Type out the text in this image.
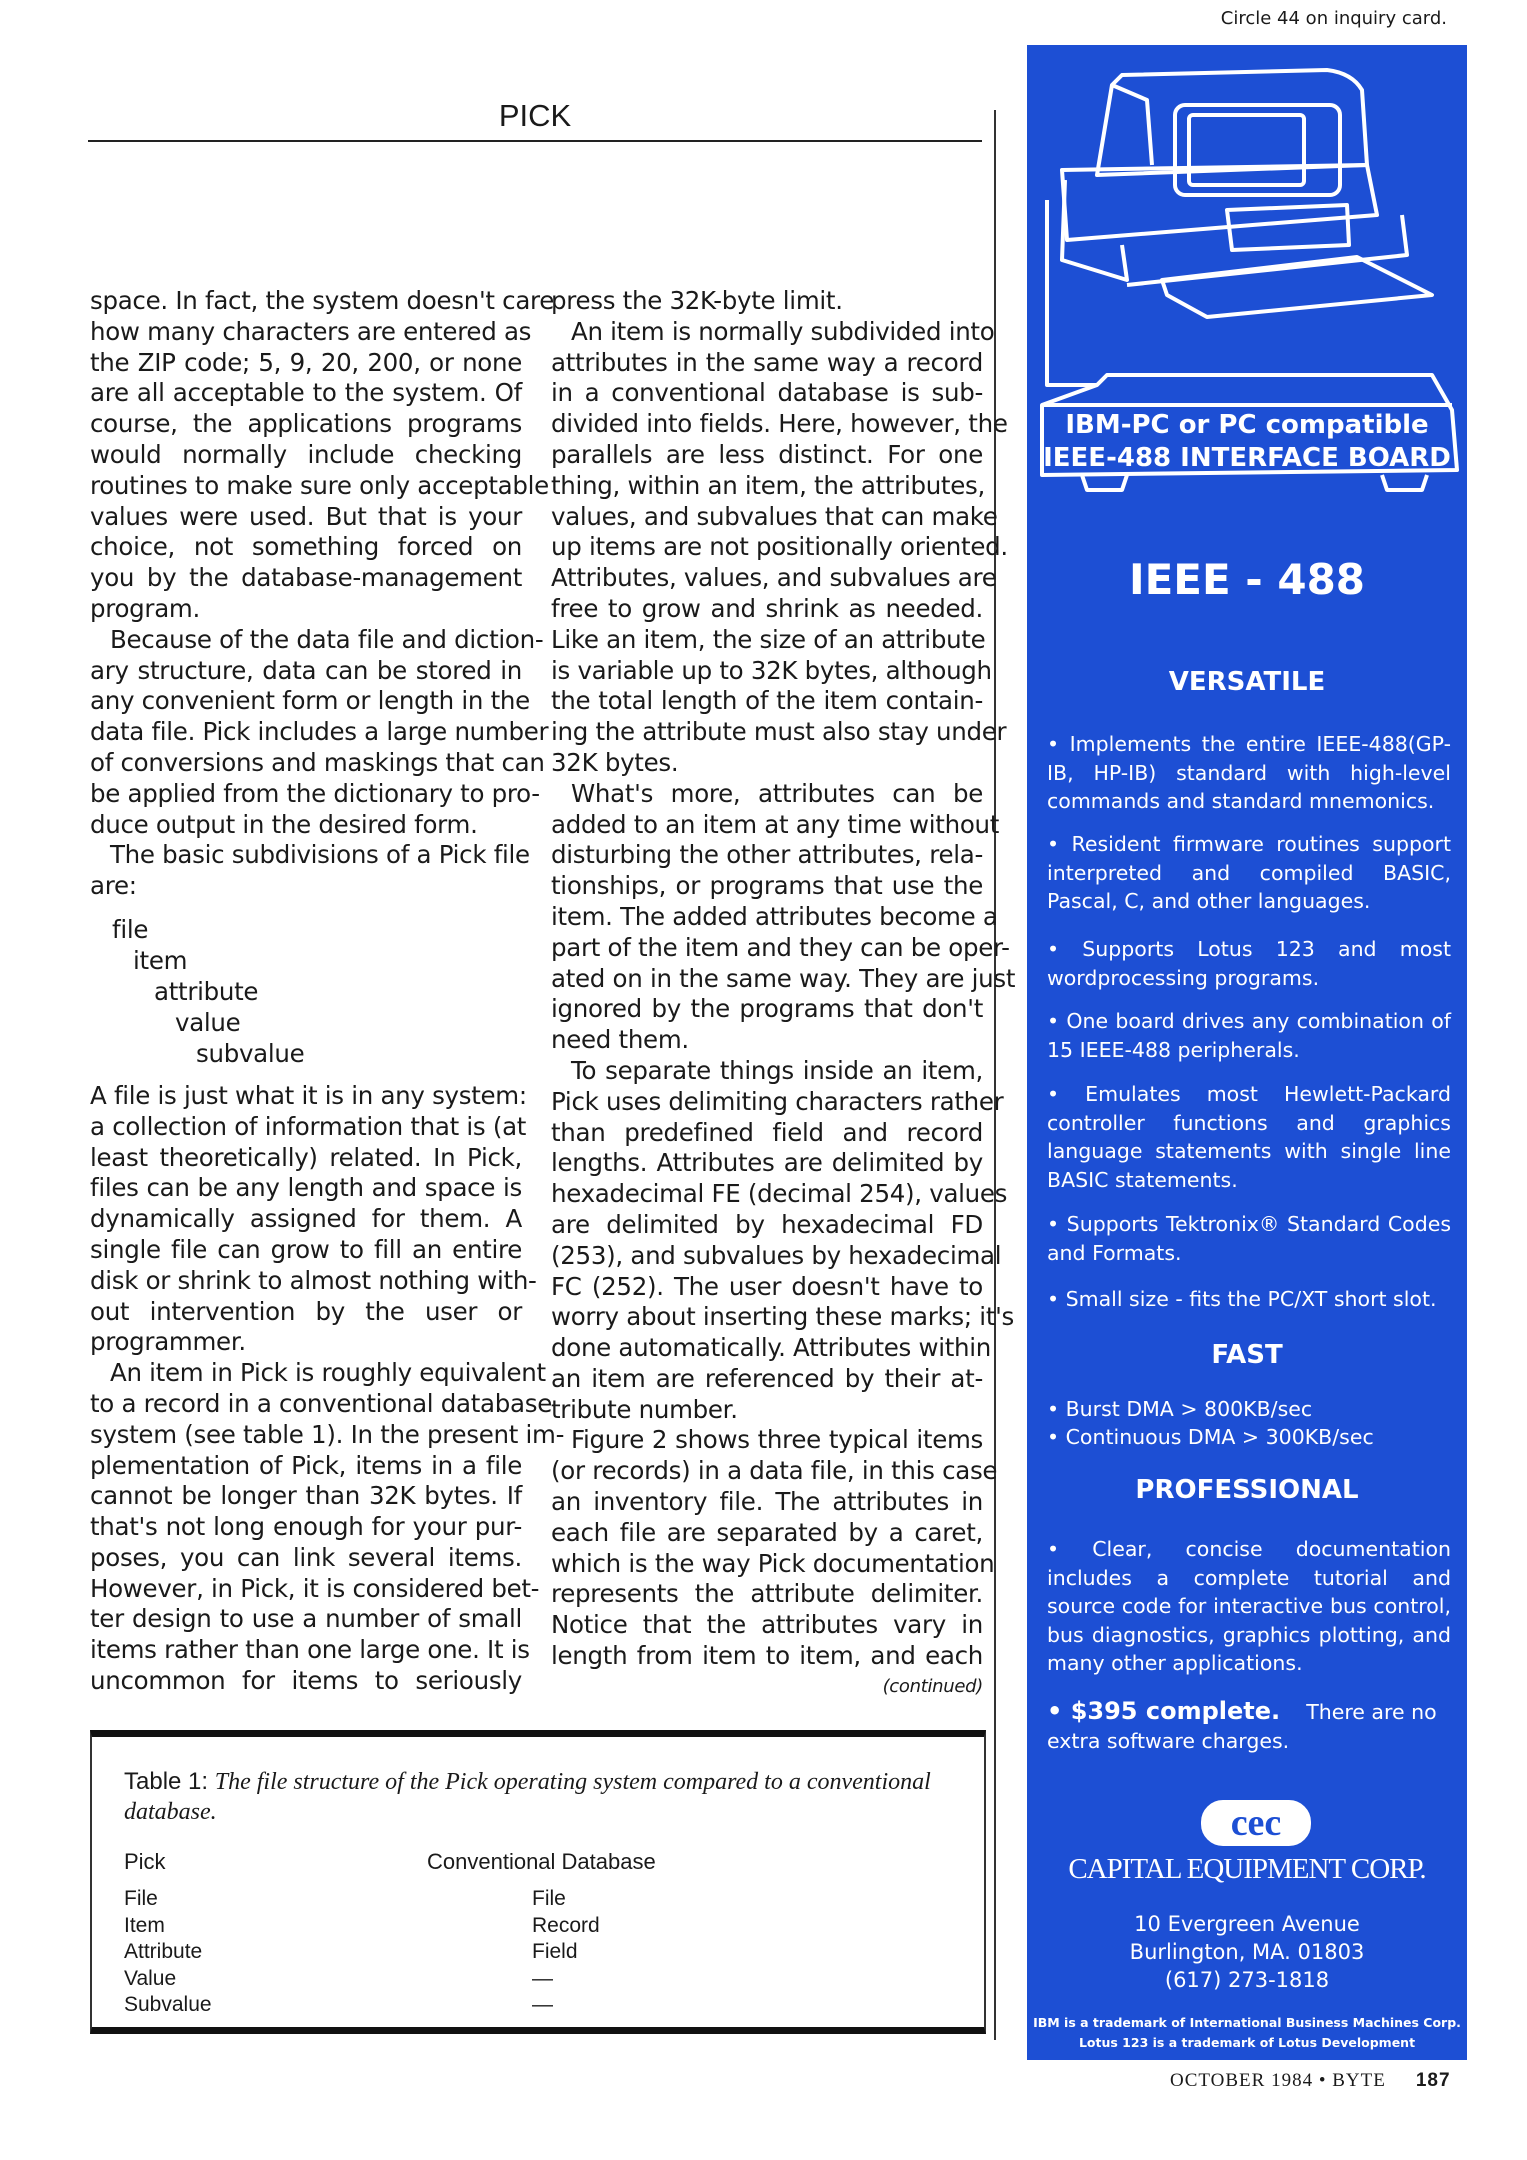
PICK
space. In fact, the system doesn't care
how many characters are entered as
the ZIP code; 5, 9, 20, 200, or none
are all acceptable to the system. Of
course, the applications programs
would normally include checking
routines to make sure only acceptable
values were used. But that is your
choice, not something forced on
you by the database-management
program.
Because of the data file and diction-
ary structure, data can be stored in
any convenient form or length in the
data file. Pick includes a large number
of conversions and maskings that can
be applied from the dictionary to pro-
duce output in the desired form.
The basic subdivisions of a Pick file
are:
file
item
attribute
value
subvalue
A file is just what it is in any system:
a collection of information that is (at
least theoretically) related. In Pick,
files can be any length and space is
dynamically assigned for them. A
single file can grow to fill an entire
disk or shrink to almost nothing with-
out intervention by the user or
programmer.
An item in Pick is roughly equivalent
to a record in a conventional database
system (see table 1). In the present im-
plementation of Pick, items in a file
cannot be longer than 32K bytes. If
that's not long enough for your pur-
poses, you can link several items.
However, in Pick, it is considered bet-
ter design to use a number of small
items rather than one large one. It is
uncommon for items to seriously
press the 32K-byte limit.
An item is normally subdivided into
attributes in the same way a record
in a conventional database is sub-
divided into fields. Here, however, the
parallels are less distinct. For one
thing, within an item, the attributes,
values, and subvalues that can make
up items are not positionally oriented.
Attributes, values, and subvalues are
free to grow and shrink as needed.
Like an item, the size of an attribute
is variable up to 32K bytes, although
the total length of the item contain-
ing the attribute must also stay under
32K bytes.
What's more, attributes can be
added to an item at any time without
disturbing the other attributes, rela-
tionships, or programs that use the
item. The added attributes become a
part of the item and they can be oper-
ated on in the same way. They are just
ignored by the programs that don't
need them.
To separate things inside an item,
Pick uses delimiting characters rather
than predefined field and record
lengths. Attributes are delimited by
hexadecimal FE (decimal 254), values
are delimited by hexadecimal FD
(253), and subvalues by hexadecimal
FC (252). The user doesn't have to
worry about inserting these marks; it's
done automatically. Attributes within
an item are referenced by their at-
tribute number.
Figure 2 shows three typical items
(or records) in a data file, in this case
an inventory file. The attributes in
each file are separated by a caret,
which is the way Pick documentation
represents the attribute delimiter.
Notice that the attributes vary in
length from item to item, and each
(continued)
Table 1: The file structure of the Pick operating system compared to a conventional database.
Pick	Conventional Database
File	File
Item	Record
Attribute	Field
Value	—
Subvalue	—
Circle 44 on inquiry card.
IBM-PC or PC compatible
IEEE-488 INTERFACE BOARD
IEEE - 488
VERSATILE
• Implements the entire IEEE-488(GP-IB, HP-IB) standard with high-level commands and standard mnemonics.
• Resident firmware routines support interpreted and compiled BASIC, Pascal, C, and other languages.
• Supports Lotus 123 and most wordprocessing programs.
• One board drives any combination of 15 IEEE-488 peripherals.
• Emulates most Hewlett-Packard controller functions and graphics language statements with single line BASIC statements.
• Supports Tektronix® Standard Codes and Formats.
• Small size - fits the PC/XT short slot.
FAST
• Burst DMA > 800KB/sec
• Continuous DMA > 300KB/sec
PROFESSIONAL
• Clear, concise documentation includes a complete tutorial and source code for interactive bus control, bus diagnostics, graphics plotting, and many other applications.
• $395 complete. There are no extra software charges.
cec
CAPITAL EQUIPMENT CORP.
10 Evergreen Avenue
Burlington, MA. 01803
(617) 273-1818
IBM is a trademark of International Business Machines Corp.
Lotus 123 is a trademark of Lotus Development
OCTOBER 1984 • BYTE 187
